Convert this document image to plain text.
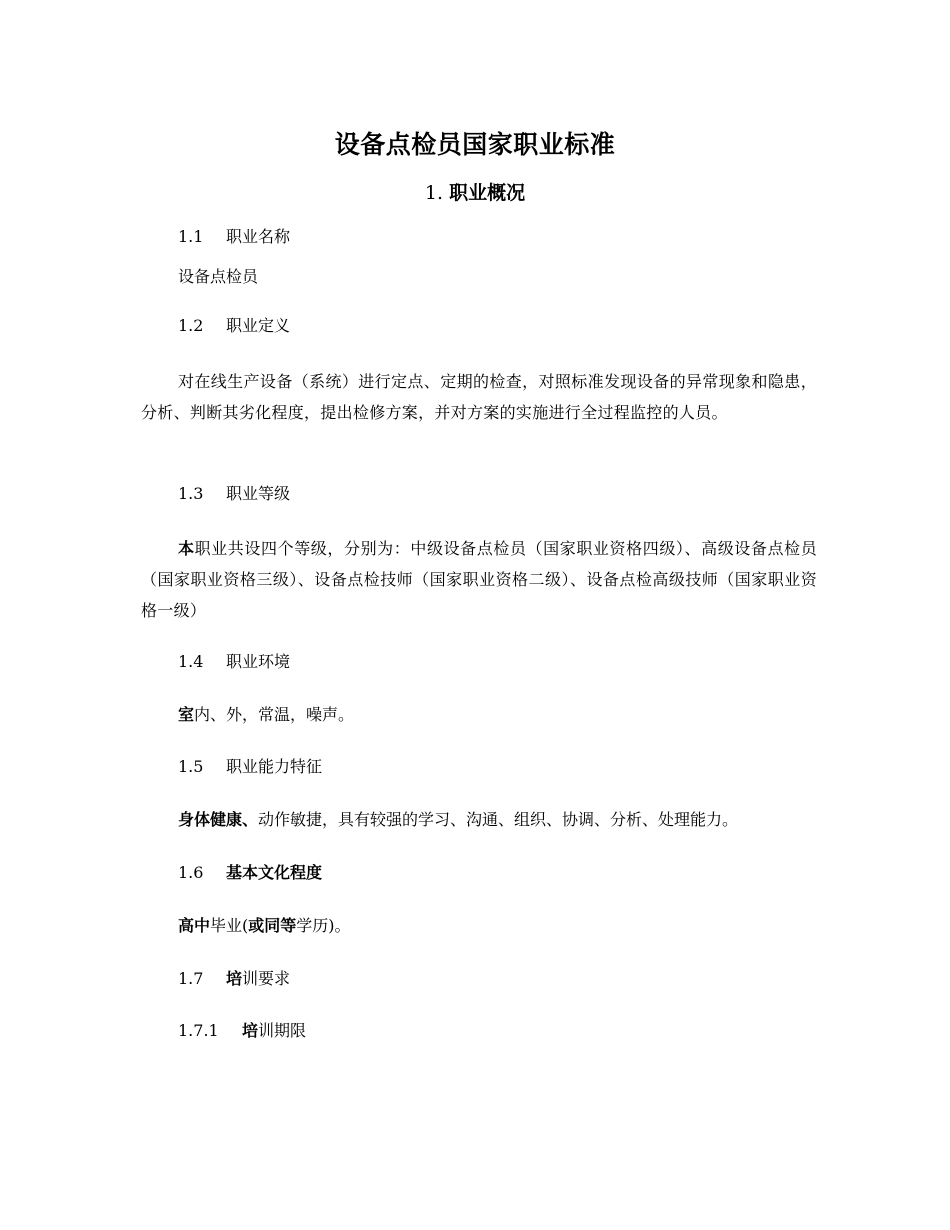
设备点检员国家职业标准
1. 职业概况
1.1 职业名称
设备点检员
1.2 职业定义
对在线生产设备（系统）进行定点、定期的检查，对照标准发现设备的异常现象和隐患，分析、判断其劣化程度，提出检修方案，并对方案的实施进行全过程监控的人员。
1.3 职业等级
本职业共设四个等级，分别为：中级设备点检员（国家职业资格四级）、高级设备点检员（国家职业资格三级）、设备点检技师（国家职业资格二级）、设备点检高级技师（国家职业资格一级）
1.4 职业环境
室内、外，常温，噪声。
1.5 职业能力特征
身体健康、动作敏捷，具有较强的学习、沟通、组织、协调、分析、处理能力。
1.6 基本文化程度
高中毕业(或同等学历)。
1.7 培训要求
1.7.1 培训期限
